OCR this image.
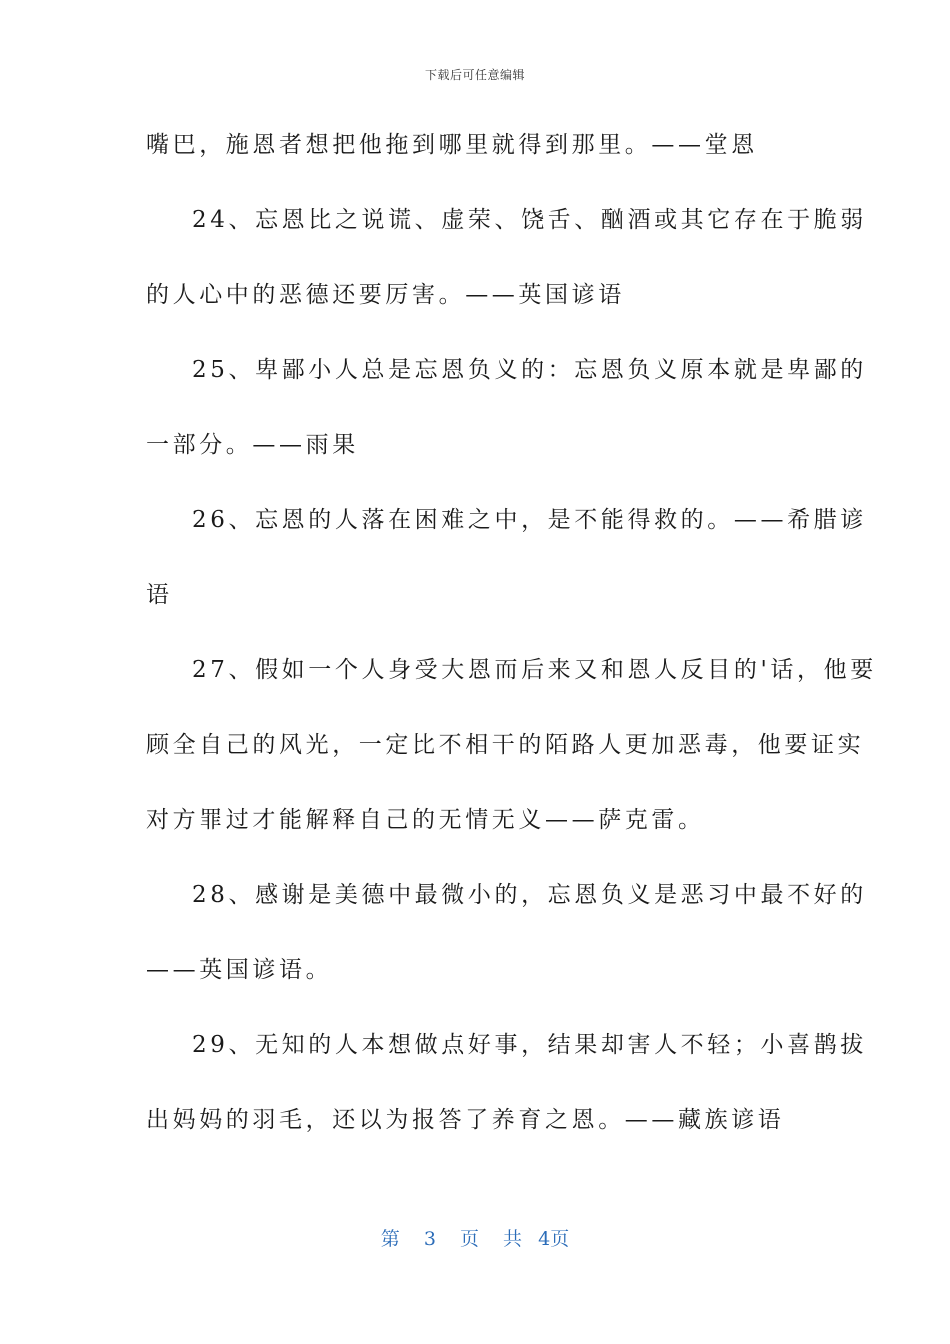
下载后可任意编辑
嘴巴，施恩者想把他拖到哪里就得到那里。——堂恩
24、忘恩比之说谎、虚荣、饶舌、酗酒或其它存在于脆弱
的人心中的恶德还要厉害。——英国谚语
25、卑鄙小人总是忘恩负义的：忘恩负义原本就是卑鄙的
一部分。——雨果
26、忘恩的人落在困难之中，是不能得救的。——希腊谚
语
27、假如一个人身受大恩而后来又和恩人反目的'话，他要
顾全自己的风光，一定比不相干的陌路人更加恶毒，他要证实
对方罪过才能解释自己的无情无义——萨克雷。
28、感谢是美德中最微小的，忘恩负义是恶习中最不好的
——英国谚语。
29、无知的人本想做点好事，结果却害人不轻；小喜鹊拔
出妈妈的羽毛，还以为报答了养育之恩。——藏族谚语
第 3 页 共 4页
